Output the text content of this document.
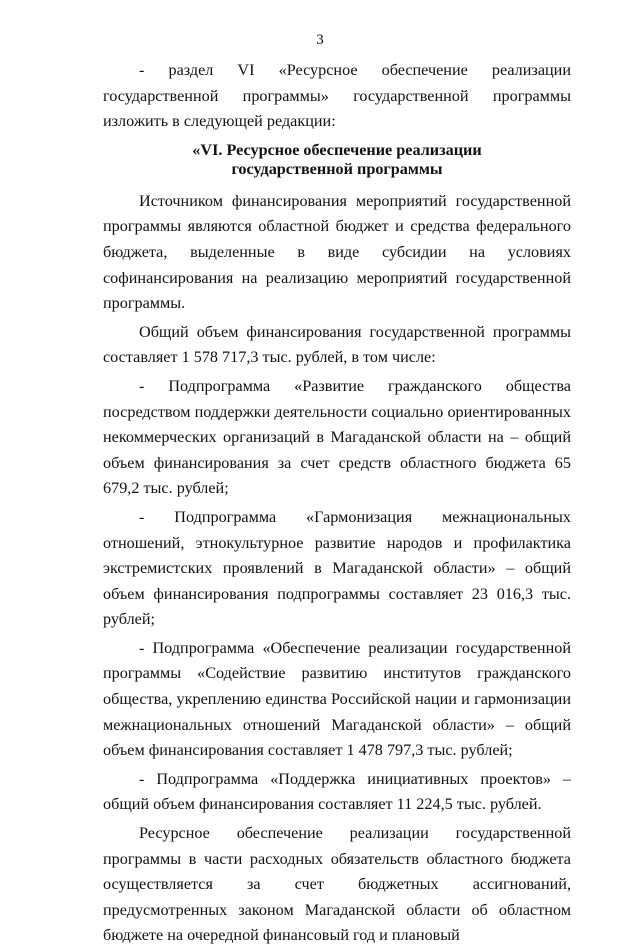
3

- раздел VI «Ресурсное обеспечение реализации государственной программы» государственной программы изложить в следующей редакции:

«VI. Ресурсное обеспечение реализации
государственной программы

Источником финансирования мероприятий государственной программы являются областной бюджет и средства федерального бюджета, выделенные в виде субсидии на условиях софинансирования на реализацию мероприятий государственной программы.

Общий объем финансирования государственной программы составляет 1 578 717,3 тыс. рублей, в том числе:

- Подпрограмма «Развитие гражданского общества посредством поддержки деятельности социально ориентированных некоммерческих организаций в Магаданской области на – общий объем финансирования за счет средств областного бюджета 65 679,2 тыс. рублей;

- Подпрограмма «Гармонизация межнациональных отношений, этнокультурное развитие народов и профилактика экстремистских проявлений в Магаданской области» – общий объем финансирования подпрограммы составляет 23 016,3 тыс. рублей;

- Подпрограмма «Обеспечение реализации государственной программы «Содействие развитию институтов гражданского общества, укреплению единства Российской нации и гармонизации межнациональных отношений Магаданской области» – общий объем финансирования составляет 1 478 797,3 тыс. рублей;

- Подпрограмма «Поддержка инициативных проектов» – общий объем финансирования составляет 11 224,5 тыс. рублей.

Ресурсное обеспечение реализации государственной программы в части расходных обязательств областного бюджета осуществляется за счет бюджетных ассигнований, предусмотренных законом Магаданской области об областном бюджете на очередной финансовый год и плановый
